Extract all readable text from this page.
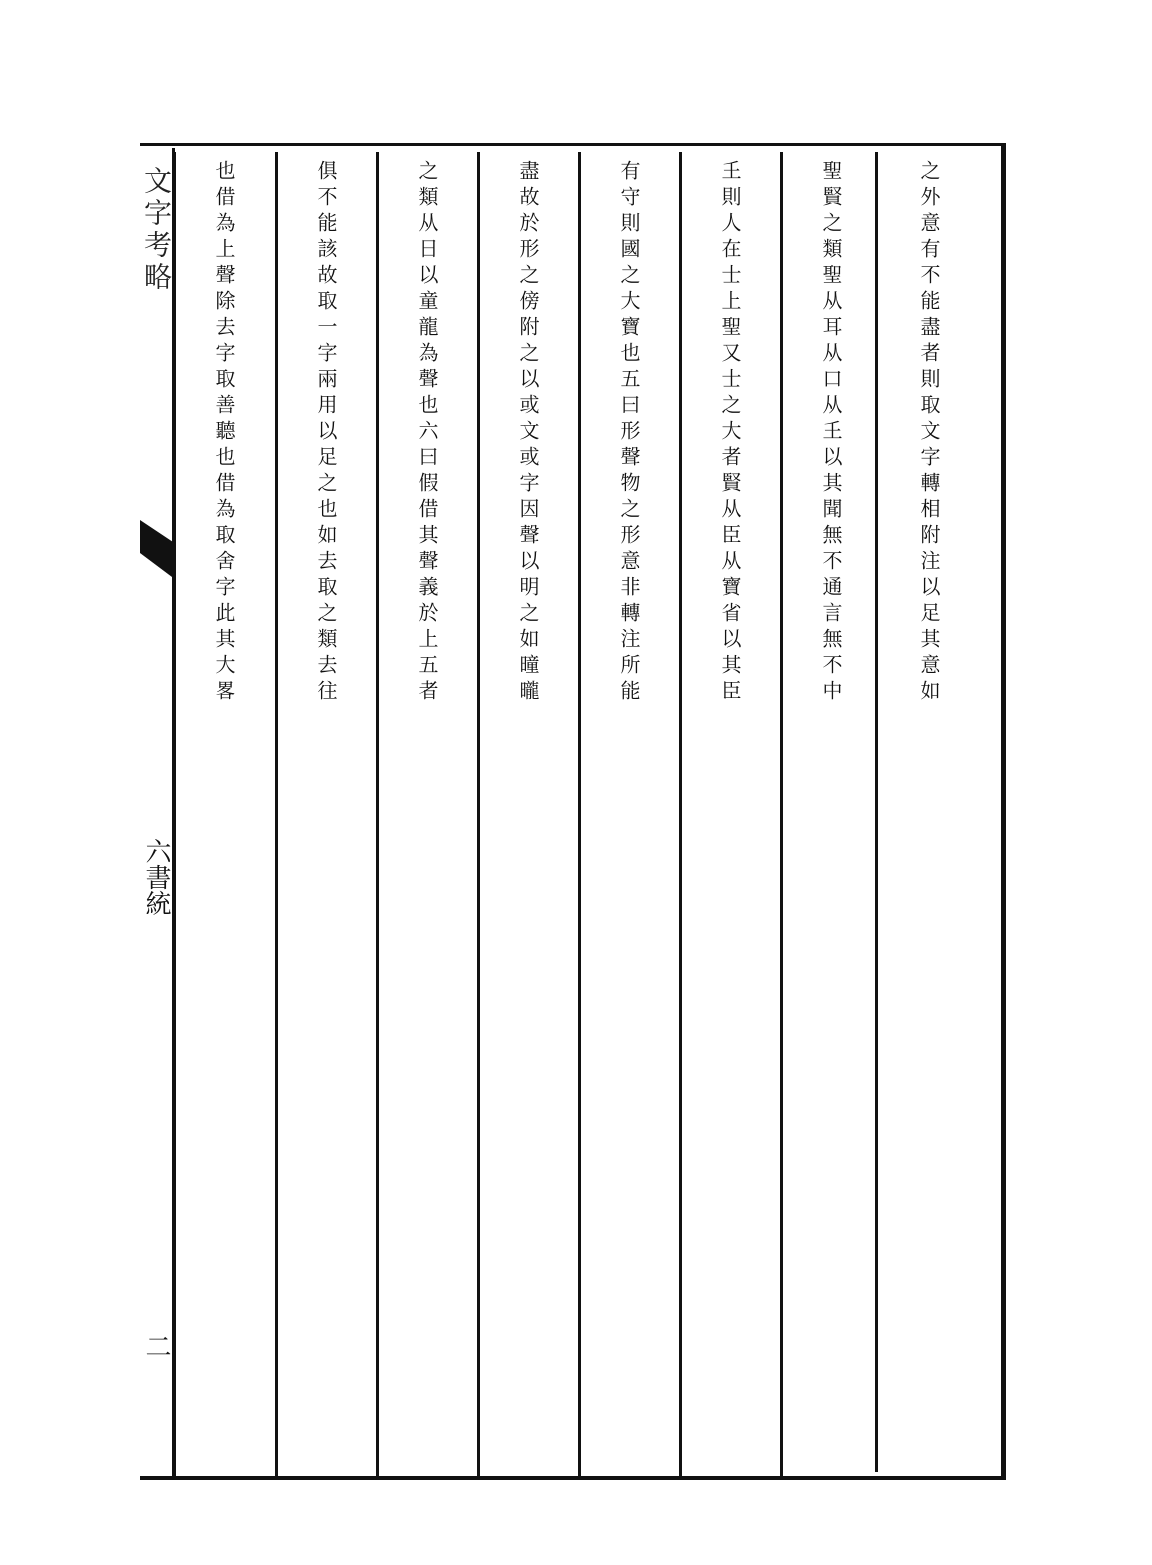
文字考略
六書統
二
之外意有不能盡者則取文字轉相附注以足其意如
聖賢之類聖从耳从口从𡈼以其聞無不通言無不中
𡈼則人在士上聖又士之大者賢从臣从寶省以其臣
有守則國之大寶也五曰形聲物之形意非轉注所能
盡故於形之傍附之以或文或字因聲以明之如曈曨
之類从日以童龍為聲也六曰假借其聲義於上五者
俱不能該故取一字兩用以足之也如去取之類去往
也借為上聲除去字取善聽也借為取舍字此其大畧
